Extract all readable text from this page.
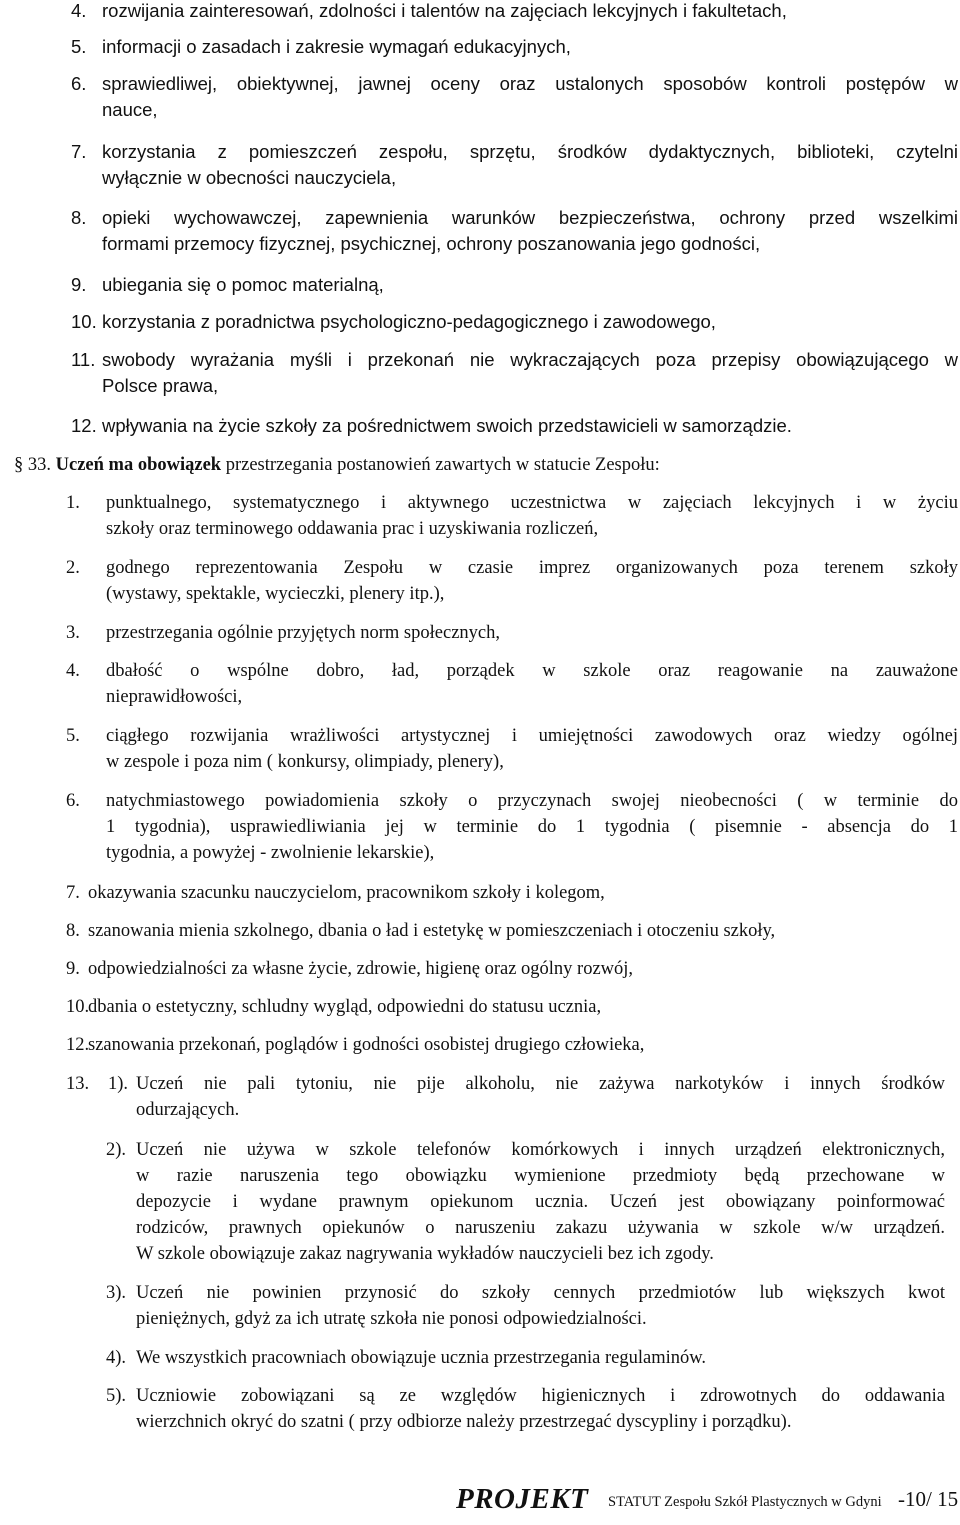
4. rozwijania zainteresowań, zdolności i talentów na zajęciach lekcyjnych i fakultetach,
5. informacji o zasadach i zakresie wymagań edukacyjnych,
6. sprawiedliwej, obiektywnej, jawnej oceny oraz ustalonych sposobów kontroli postępów w
nauce,
7. korzystania z pomieszczeń zespołu, sprzętu, środków dydaktycznych, biblioteki, czytelni
wyłącznie w obecności nauczyciela,
8. opieki wychowawczej, zapewnienia warunków bezpieczeństwa, ochrony przed wszelkimi
formami przemocy fizycznej, psychicznej, ochrony poszanowania jego godności,
9. ubiegania się o pomoc materialną,
10. korzystania z poradnictwa psychologiczno-pedagogicznego i zawodowego,
11. swobody wyrażania myśli i przekonań nie wykraczających poza przepisy obowiązującego w
Polsce prawa,
12. wpływania na życie szkoły za pośrednictwem swoich przedstawicieli w samorządzie.
§ 33. Uczeń ma obowiązek przestrzegania postanowień zawartych w statucie Zespołu:
1. punktualnego, systematycznego i aktywnego uczestnictwa w zajęciach lekcyjnych i w życiu
szkoły oraz terminowego oddawania prac i uzyskiwania rozliczeń,
2. godnego reprezentowania Zespołu w czasie imprez organizowanych poza terenem szkoły
(wystawy, spektakle, wycieczki, plenery itp.),
3. przestrzegania ogólnie przyjętych norm społecznych,
4. dbałość o wspólne dobro, ład, porządek w szkole oraz reagowanie na zauważone
nieprawidłowości,
5. ciągłego rozwijania wrażliwości artystycznej i umiejętności zawodowych oraz wiedzy ogólnej
w zespole i poza nim ( konkursy, olimpiady, plenery),
6. natychmiastowego powiadomienia szkoły o przyczynach swojej nieobecności ( w terminie do
1 tygodnia), usprawiedliwiania jej w terminie do 1 tygodnia ( pisemnie - absencja do 1
tygodnia, a powyżej - zwolnienie lekarskie),
7. okazywania szacunku nauczycielom, pracownikom szkoły i kolegom,
8. szanowania mienia szkolnego, dbania o ład i estetykę w pomieszczeniach i otoczeniu szkoły,
9. odpowiedzialności za własne życie, zdrowie, higienę oraz ogólny rozwój,
10.
dbania o estetyczny, schludny wygląd, odpowiedni do statusu ucznia,
12.
szanowania przekonań, poglądów i godności osobistej drugiego człowieka,
13. 1). Uczeń nie pali tytoniu, nie pije alkoholu, nie zażywa narkotyków i innych środków
odurzających.
2). Uczeń nie używa w szkole telefonów komórkowych i innych urządzeń elektronicznych,
w razie naruszenia tego obowiązku wymienione przedmioty będą przechowane w
depozycie i wydane prawnym opiekunom ucznia. Uczeń jest obowiązany poinformować
rodziców, prawnych opiekunów o naruszeniu zakazu używania w szkole w/w urządzeń.
W szkole obowiązuje zakaz nagrywania wykładów nauczycieli bez ich zgody.
3). Uczeń nie powinien przynosić do szkoły cennych przedmiotów lub większych kwot
pieniężnych, gdyż za ich utratę szkoła nie ponosi odpowiedzialności.
4). We wszystkich pracowniach obowiązuje ucznia przestrzegania regulaminów.
5). Uczniowie zobowiązani są ze względów higienicznych i zdrowotnych do oddawania
wierzchnich okryć do szatni ( przy odbiorze należy przestrzegać dyscypliny i porządku).
PROJEKT STATUT Zespołu Szkół Plastycznych w Gdyni -10/ 15
